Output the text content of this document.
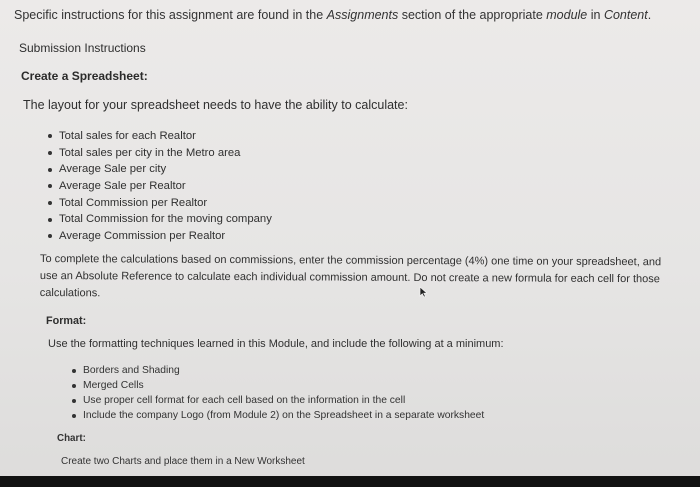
Specific instructions for this assignment are found in the Assignments section of the appropriate module in Content.
Submission Instructions
Create a Spreadsheet:
The layout for your spreadsheet needs to have the ability to calculate:
Total sales for each Realtor
Total sales per city in the Metro area
Average Sale per city
Average Sale per Realtor
Total Commission per Realtor
Total Commission for the moving company
Average Commission per Realtor
To complete the calculations based on commissions, enter the commission percentage (4%) one time on your spreadsheet, and use an Absolute Reference to calculate each individual commission amount. Do not create a new formula for each cell for those calculations.
Format:
Use the formatting techniques learned in this Module, and include the following at a minimum:
Borders and Shading
Merged Cells
Use proper cell format for each cell based on the information in the cell
Include the company Logo (from Module 2) on the Spreadsheet in a separate worksheet
Chart:
Create two Charts and place them in a New Worksheet
